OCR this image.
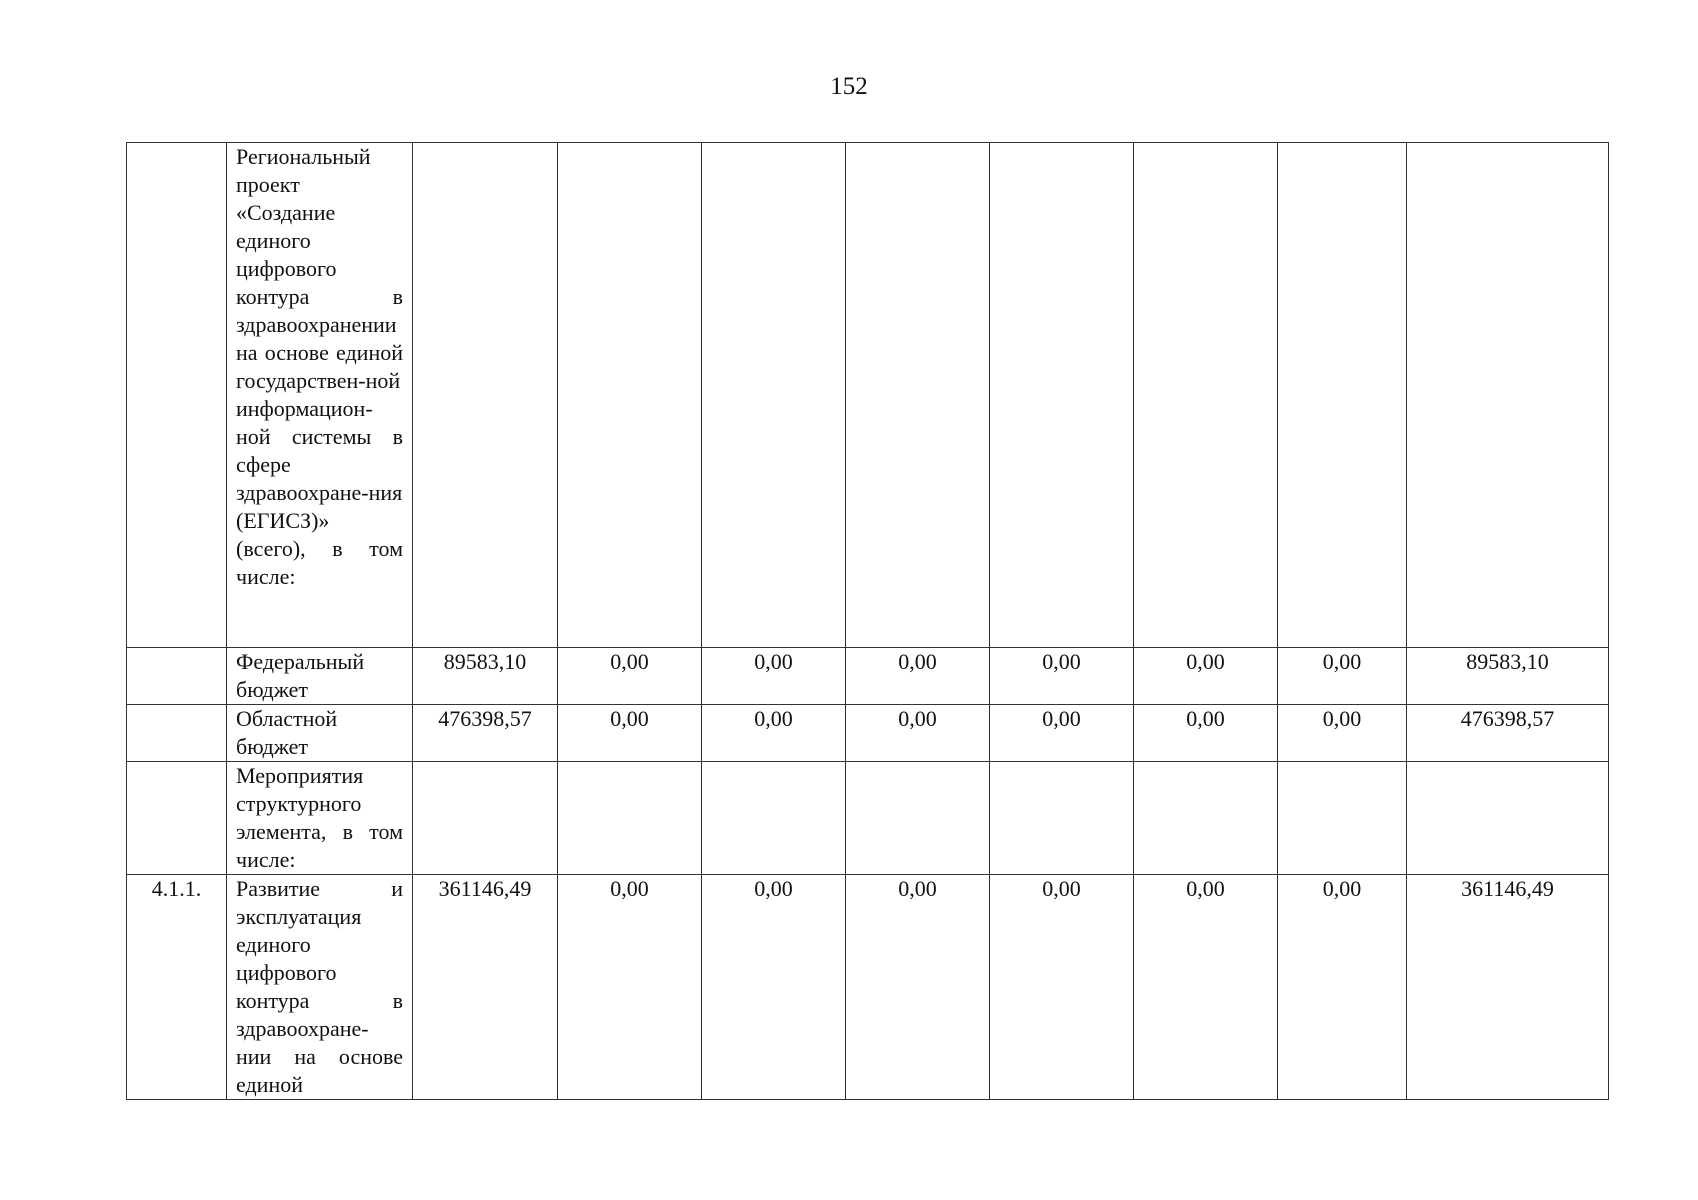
152

	Региональный проект «Создание единого цифрового контура в здравоохранении на основе единой государствен-ной информацион-ной системы в сфере здравоохране-ния (ЕГИСЗ)» (всего), в том числе:								

	Федеральный бюджет	89583,10	0,00	0,00	0,00	0,00	0,00	0,00	89583,10

	Областной бюджет	476398,57	0,00	0,00	0,00	0,00	0,00	0,00	476398,57

	Мероприятия структурного элемента, в том числе:								

4.1.1.	Развитие и эксплуатация единого цифрового контура в здравоохране-нии на основе единой	361146,49	0,00	0,00	0,00	0,00	0,00	0,00	361146,49
